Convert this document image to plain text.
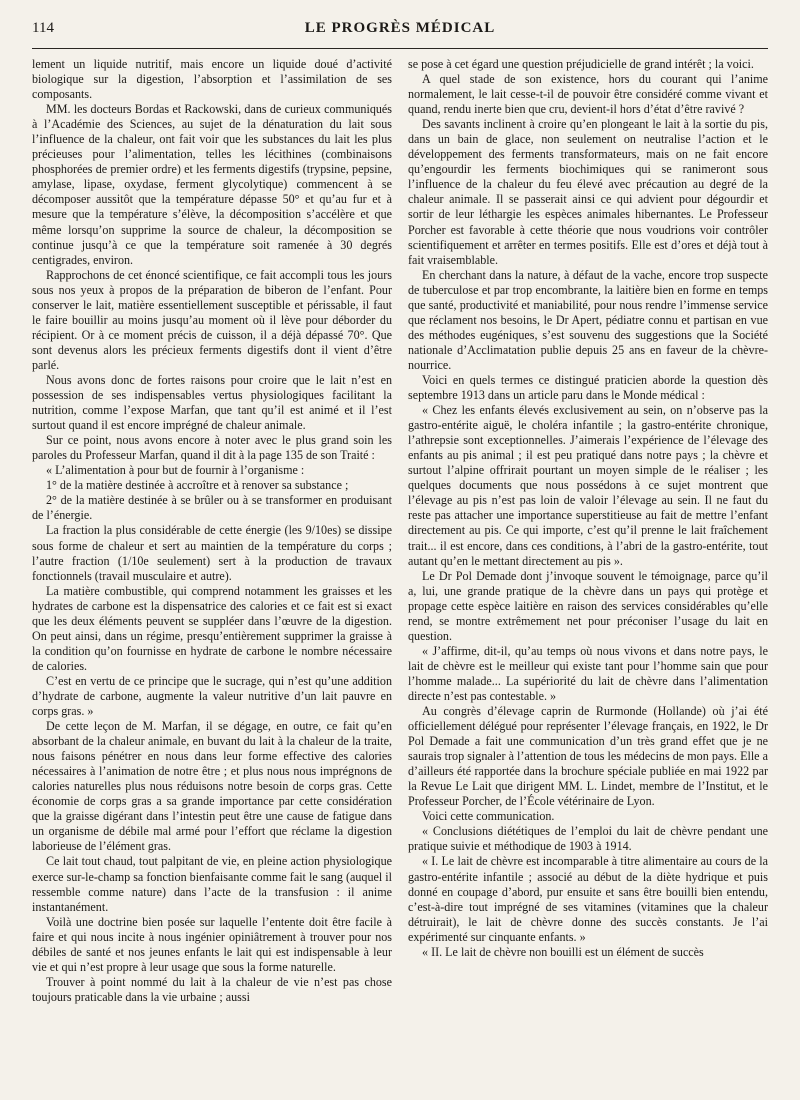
114	LE PROGRÈS MÉDICAL

lement un liquide nutritif, mais encore un liquide doué d’activité biologique sur la digestion, l’absorption et l’assimilation de ses composants.

MM. les docteurs Bordas et Rackowski, dans de curieux communiqués à l’Académie des Sciences, au sujet de la dénaturation du lait sous l’influence de la chaleur, ont fait voir que les substances du lait les plus précieuses pour l’alimentation, telles les lécithines (combinaisons phosphorées de premier ordre) et les ferments digestifs (trypsine, pepsine, amylase, lipase, oxydase, ferment glycolytique) commencent à se décomposer aussitôt que la température dépasse 50° et qu’au fur et à mesure que la température s’élève, la décomposition s’accélère et que même lorsqu’on supprime la source de chaleur, la décomposition se continue jusqu’à ce que la température soit ramenée à 30 degrés centigrades, environ.

Rapprochons de cet énoncé scientifique, ce fait accompli tous les jours sous nos yeux à propos de la préparation de biberon de l’enfant. Pour conserver le lait, matière essentiellement susceptible et périssable, il faut le faire bouillir au moins jusqu’au moment où il lève pour déborder du récipient. Or à ce moment précis de cuisson, il a déjà dépassé 70°. Que sont devenus alors les précieux ferments digestifs dont il vient d’être parlé.

Nous avons donc de fortes raisons pour croire que le lait n’est en possession de ses indispensables vertus physiologiques facilitant la nutrition, comme l’expose Marfan, que tant qu’il est animé et il l’est surtout quand il est encore imprégné de chaleur animale.

Sur ce point, nous avons encore à noter avec le plus grand soin les paroles du Professeur Marfan, quand il dit à la page 135 de son Traité :

« L’alimentation à pour but de fournir à l’organisme :

1° de la matière destinée à accroître et à renover sa substance ;

2° de la matière destinée à se brûler ou à se transformer en produisant de l’énergie.

La fraction la plus considérable de cette énergie (les 9/10es) se dissipe sous forme de chaleur et sert au maintien de la température du corps ; l’autre fraction (1/10e seulement) sert à la production de travaux fonctionnels (travail musculaire et autre).

La matière combustible, qui comprend notamment les graisses et les hydrates de carbone est la dispensatrice des calories et ce fait est si exact que les deux éléments peuvent se suppléer dans l’œuvre de la digestion. On peut ainsi, dans un régime, presqu’entièrement supprimer la graisse à la condition qu’on fournisse en hydrate de carbone le nombre nécessaire de calories.

C’est en vertu de ce principe que le sucrage, qui n’est qu’une addition d’hydrate de carbone, augmente la valeur nutritive d’un lait pauvre en corps gras. »

De cette leçon de M. Marfan, il se dégage, en outre, ce fait qu’en absorbant de la chaleur animale, en buvant du lait à la chaleur de la traite, nous faisons pénétrer en nous dans leur forme effective des calories nécessaires à l’animation de notre être ; et plus nous nous imprégnons de calories naturelles plus nous réduisons notre besoin de corps gras. Cette économie de corps gras a sa grande importance par cette considération que la graisse digérant dans l’intestin peut être une cause de fatigue dans un organisme de débile mal armé pour l’effort que réclame la digestion laborieuse de l’élément gras.

Ce lait tout chaud, tout palpitant de vie, en pleine action physiologique exerce sur-le-champ sa fonction bienfaisante comme fait le sang (auquel il ressemble comme nature) dans l’acte de la transfusion : il anime instantanément.

Voilà une doctrine bien posée sur laquelle l’entente doit être facile à faire et qui nous incite à nous ingénier opiniâtrement à trouver pour nos débiles de santé et nos jeunes enfants le lait qui est indispensable à leur vie et qui n’est propre à leur usage que sous la forme naturelle.

Trouver à point nommé du lait à la chaleur de vie n’est pas chose toujours praticable dans la vie urbaine ; aussi

se pose à cet égard une question préjudicielle de grand intérêt ; la voici.

A quel stade de son existence, hors du courant qui l’anime normalement, le lait cesse-t-il de pouvoir être considéré comme vivant et quand, rendu inerte bien que cru, devient-il hors d’état d’être ravivé ?

Des savants inclinent à croire qu’en plongeant le lait à la sortie du pis, dans un bain de glace, non seulement on neutralise l’action et le développement des ferments transformateurs, mais on ne fait encore qu’engourdir les ferments biochimiques qui se ranimeront sous l’influence de la chaleur du feu élevé avec précaution au degré de la chaleur animale. Il se passerait ainsi ce qui advient pour dégourdir et sortir de leur léthargie les espèces animales hibernantes. Le Professeur Porcher est favorable à cette théorie que nous voudrions voir contrôler scientifiquement et arrêter en termes positifs. Elle est d’ores et déjà tout à fait vraisemblable.

En cherchant dans la nature, à défaut de la vache, encore trop suspecte de tuberculose et par trop encombrante, la laitière bien en forme en temps que santé, productivité et maniabilité, pour nous rendre l’immense service que réclament nos besoins, le Dr Apert, pédiatre connu et partisan en vue des méthodes eugéniques, s’est souvenu des suggestions que la Société nationale d’Acclimatation publie depuis 25 ans en faveur de la chèvre-nourrice.

Voici en quels termes ce distingué praticien aborde la question dès septembre 1913 dans un article paru dans le Monde médical :

« Chez les enfants élevés exclusivement au sein, on n’observe pas la gastro-entérite aiguë, le choléra infantile ; la gastro-entérite chronique, l’athrepsie sont exceptionnelles. J’aimerais l’expérience de l’élevage des enfants au pis animal ; il est peu pratiqué dans notre pays ; la chèvre et surtout l’alpine offrirait pourtant un moyen simple de le réaliser ; les quelques documents que nous possédons à ce sujet montrent que l’élevage au pis n’est pas loin de valoir l’élevage au sein. Il ne faut du reste pas attacher une importance superstitieuse au fait de mettre l’enfant directement au pis. Ce qui importe, c’est qu’il prenne le lait fraîchement trait... il est encore, dans ces conditions, à l’abri de la gastro-entérite, tout autant qu’en le mettant directement au pis ».

Le Dr Pol Demade dont j’invoque souvent le témoignage, parce qu’il a, lui, une grande pratique de la chèvre dans un pays qui protège et propage cette espèce laitière en raison des services considérables qu’elle rend, se montre extrêmement net pour préconiser l’usage du lait en question.

« J’affirme, dit-il, qu’au temps où nous vivons et dans notre pays, le lait de chèvre est le meilleur qui existe tant pour l’homme sain que pour l’homme malade... La supériorité du lait de chèvre dans l’alimentation directe n’est pas contestable. »

Au congrès d’élevage caprin de Rurmonde (Hollande) où j’ai été officiellement délégué pour représenter l’élevage français, en 1922, le Dr Pol Demade a fait une communication d’un très grand effet que je ne saurais trop signaler à l’attention de tous les médecins de mon pays. Elle a d’ailleurs été rapportée dans la brochure spéciale publiée en mai 1922 par la Revue Le Lait que dirigent MM. L. Lindet, membre de l’Institut, et le Professeur Porcher, de l’École vétérinaire de Lyon.

Voici cette communication.

« Conclusions diététiques de l’emploi du lait de chèvre pendant une pratique suivie et méthodique de 1903 à 1914.

« I. Le lait de chèvre est incomparable à titre alimentaire au cours de la gastro-entérite infantile ; associé au début de la diète hydrique et puis donné en coupage d’abord, pur ensuite et sans être bouilli bien entendu, c’est-à-dire tout imprégné de ses vitamines (vitamines que la chaleur détruirait), le lait de chèvre donne des succès constants. Je l’ai expérimenté sur cinquante enfants. »

« II. Le lait de chèvre non bouilli est un élément de succès
